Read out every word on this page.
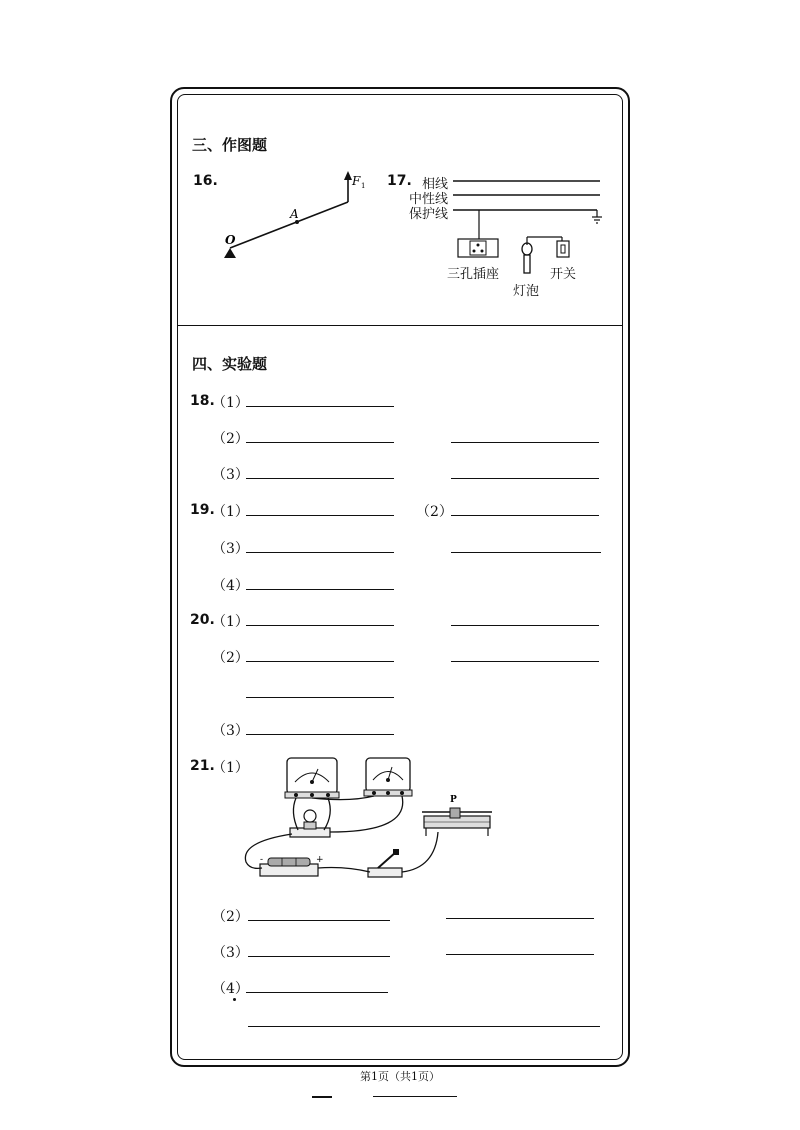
三、作图题
16.
O
A
F 1 17. 相线
中性线
保护线
三孔插座
灯泡
开关
四、实验题
18.
（1）
（2）
（3）
19.
（1）	（2）
（3）
（4）
20.
（1）
（2）
（3）
21.
（1）
P
-	+
（2）
（3）
（4）
第1页（共1页）
